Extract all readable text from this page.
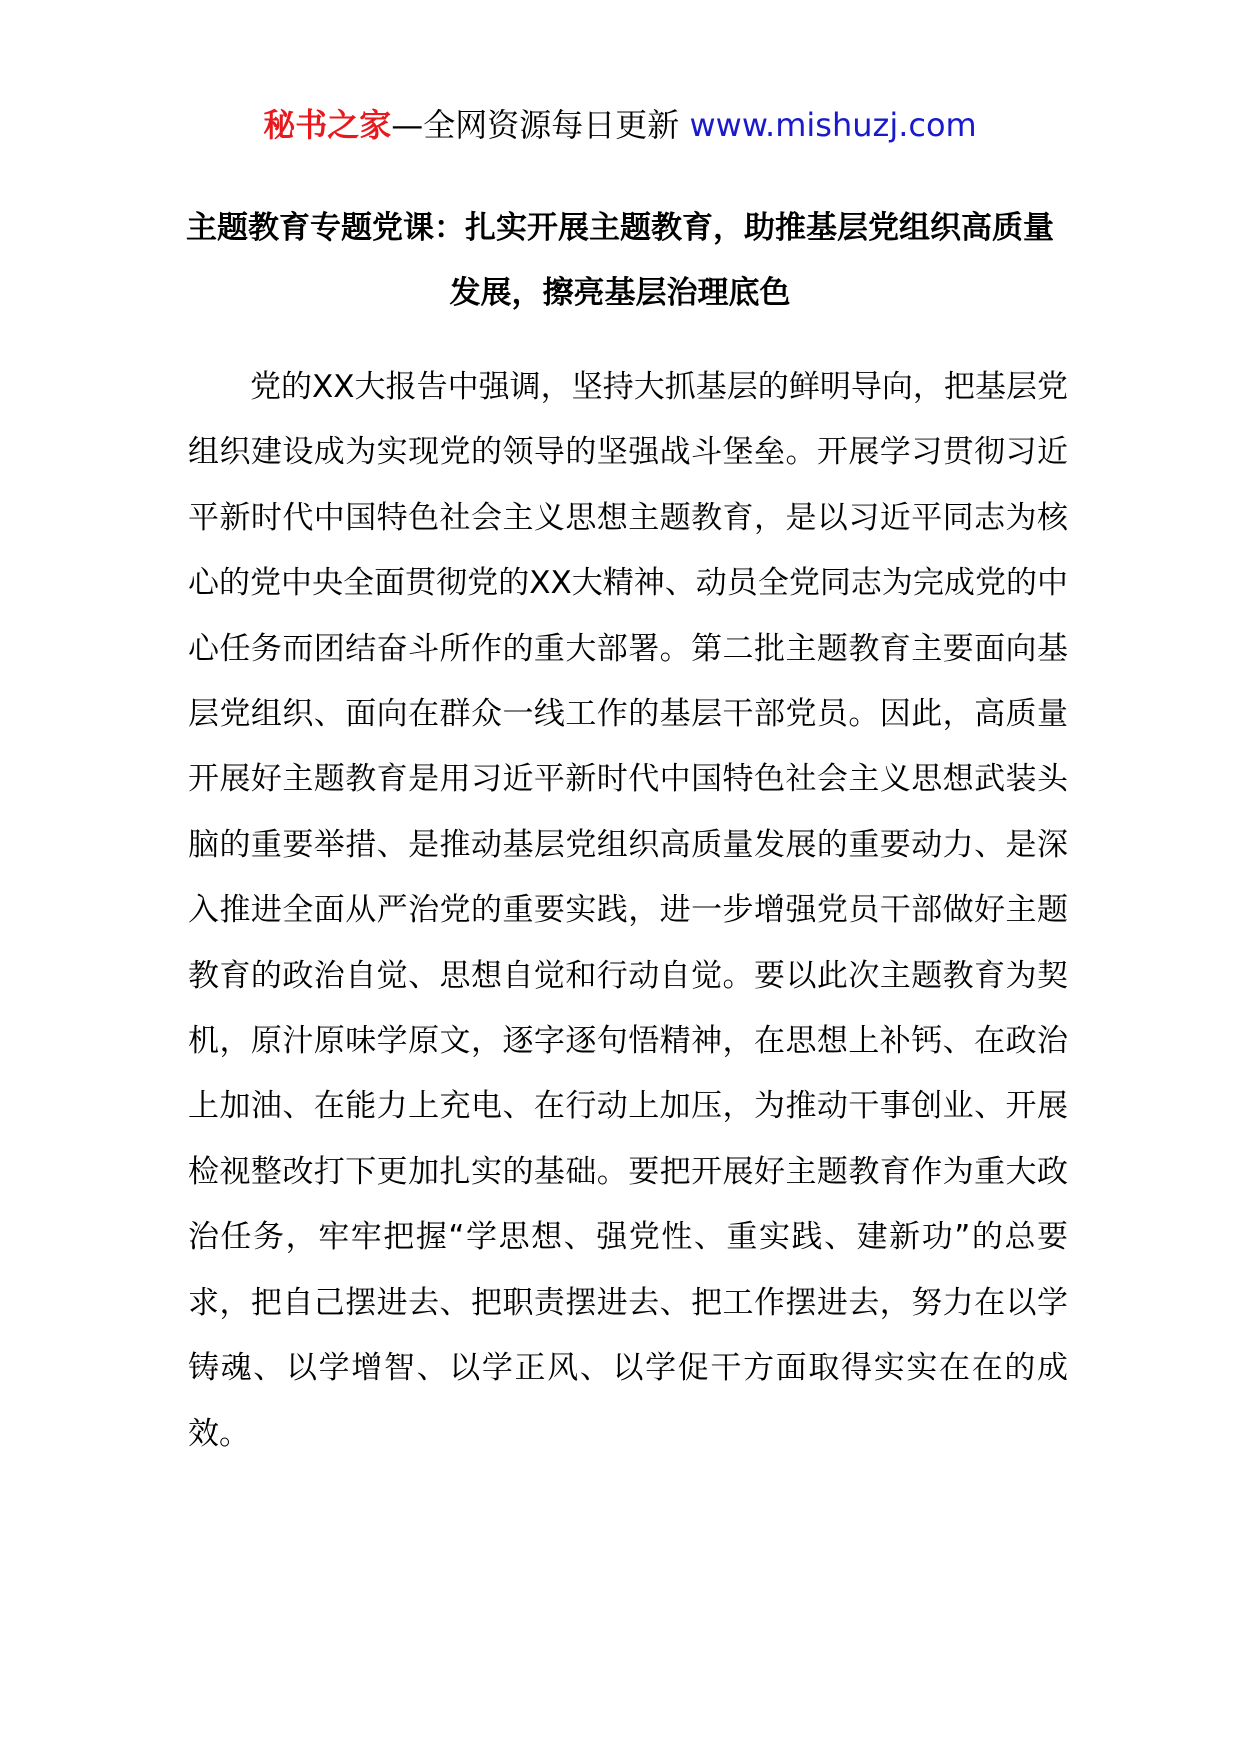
秘书之家—全网资源每日更新 www.mishuzj.com
主题教育专题党课：扎实开展主题教育，助推基层党组织高质量发展，擦亮基层治理底色

党的XX大报告中强调，坚持大抓基层的鲜明导向，把基层党组织建设成为实现党的领导的坚强战斗堡垒。开展学习贯彻习近平新时代中国特色社会主义思想主题教育，是以习近平同志为核心的党中央全面贯彻党的XX大精神、动员全党同志为完成党的中心任务而团结奋斗所作的重大部署。第二批主题教育主要面向基层党组织、面向在群众一线工作的基层干部党员。因此，高质量开展好主题教育是用习近平新时代中国特色社会主义思想武装头脑的重要举措、是推动基层党组织高质量发展的重要动力、是深入推进全面从严治党的重要实践，进一步增强党员干部做好主题教育的政治自觉、思想自觉和行动自觉。要以此次主题教育为契机，原汁原味学原文，逐字逐句悟精神，在思想上补钙、在政治上加油、在能力上充电、在行动上加压，为推动干事创业、开展检视整改打下更加扎实的基础。要把开展好主题教育作为重大政治任务，牢牢把握“学思想、强党性、重实践、建新功”的总要求，把自己摆进去、把职责摆进去、把工作摆进去，努力在以学铸魂、以学增智、以学正风、以学促干方面取得实实在在的成效。
